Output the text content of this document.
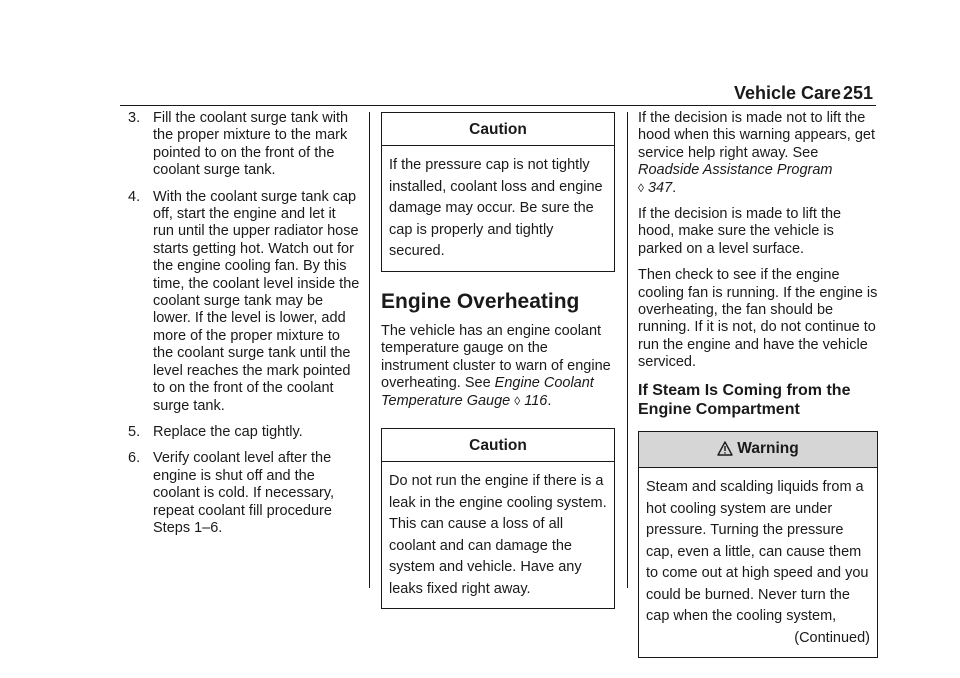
Vehicle Care 251
3. Fill the coolant surge tank with the proper mixture to the mark pointed to on the front of the coolant surge tank.
4. With the coolant surge tank cap off, start the engine and let it run until the upper radiator hose starts getting hot. Watch out for the engine cooling fan. By this time, the coolant level inside the coolant surge tank may be lower. If the level is lower, add more of the proper mixture to the coolant surge tank until the level reaches the mark pointed to on the front of the coolant surge tank.
5. Replace the cap tightly.
6. Verify coolant level after the engine is shut off and the coolant is cold. If necessary, repeat coolant fill procedure Steps 1–6.
Caution
If the pressure cap is not tightly installed, coolant loss and engine damage may occur. Be sure the cap is properly and tightly secured.
Engine Overheating

The vehicle has an engine coolant temperature gauge on the instrument cluster to warn of engine overheating. See Engine Coolant Temperature Gauge ◊ 116.

Caution
Do not run the engine if there is a leak in the engine cooling system. This can cause a loss of all coolant and can damage the system and vehicle. Have any leaks fixed right away.

If the decision is made not to lift the hood when this warning appears, get service help right away. See Roadside Assistance Program
◊ 347.

If the decision is made to lift the hood, make sure the vehicle is parked on a level surface.

Then check to see if the engine cooling fan is running. If the engine is overheating, the fan should be running. If it is not, do not continue to run the engine and have the vehicle serviced.

If Steam Is Coming from the Engine Compartment
Warning
Steam and scalding liquids from a hot cooling system are under pressure. Turning the pressure cap, even a little, can cause them to come out at high speed and you could be burned. Never turn the cap when the cooling system,
(Continued)
